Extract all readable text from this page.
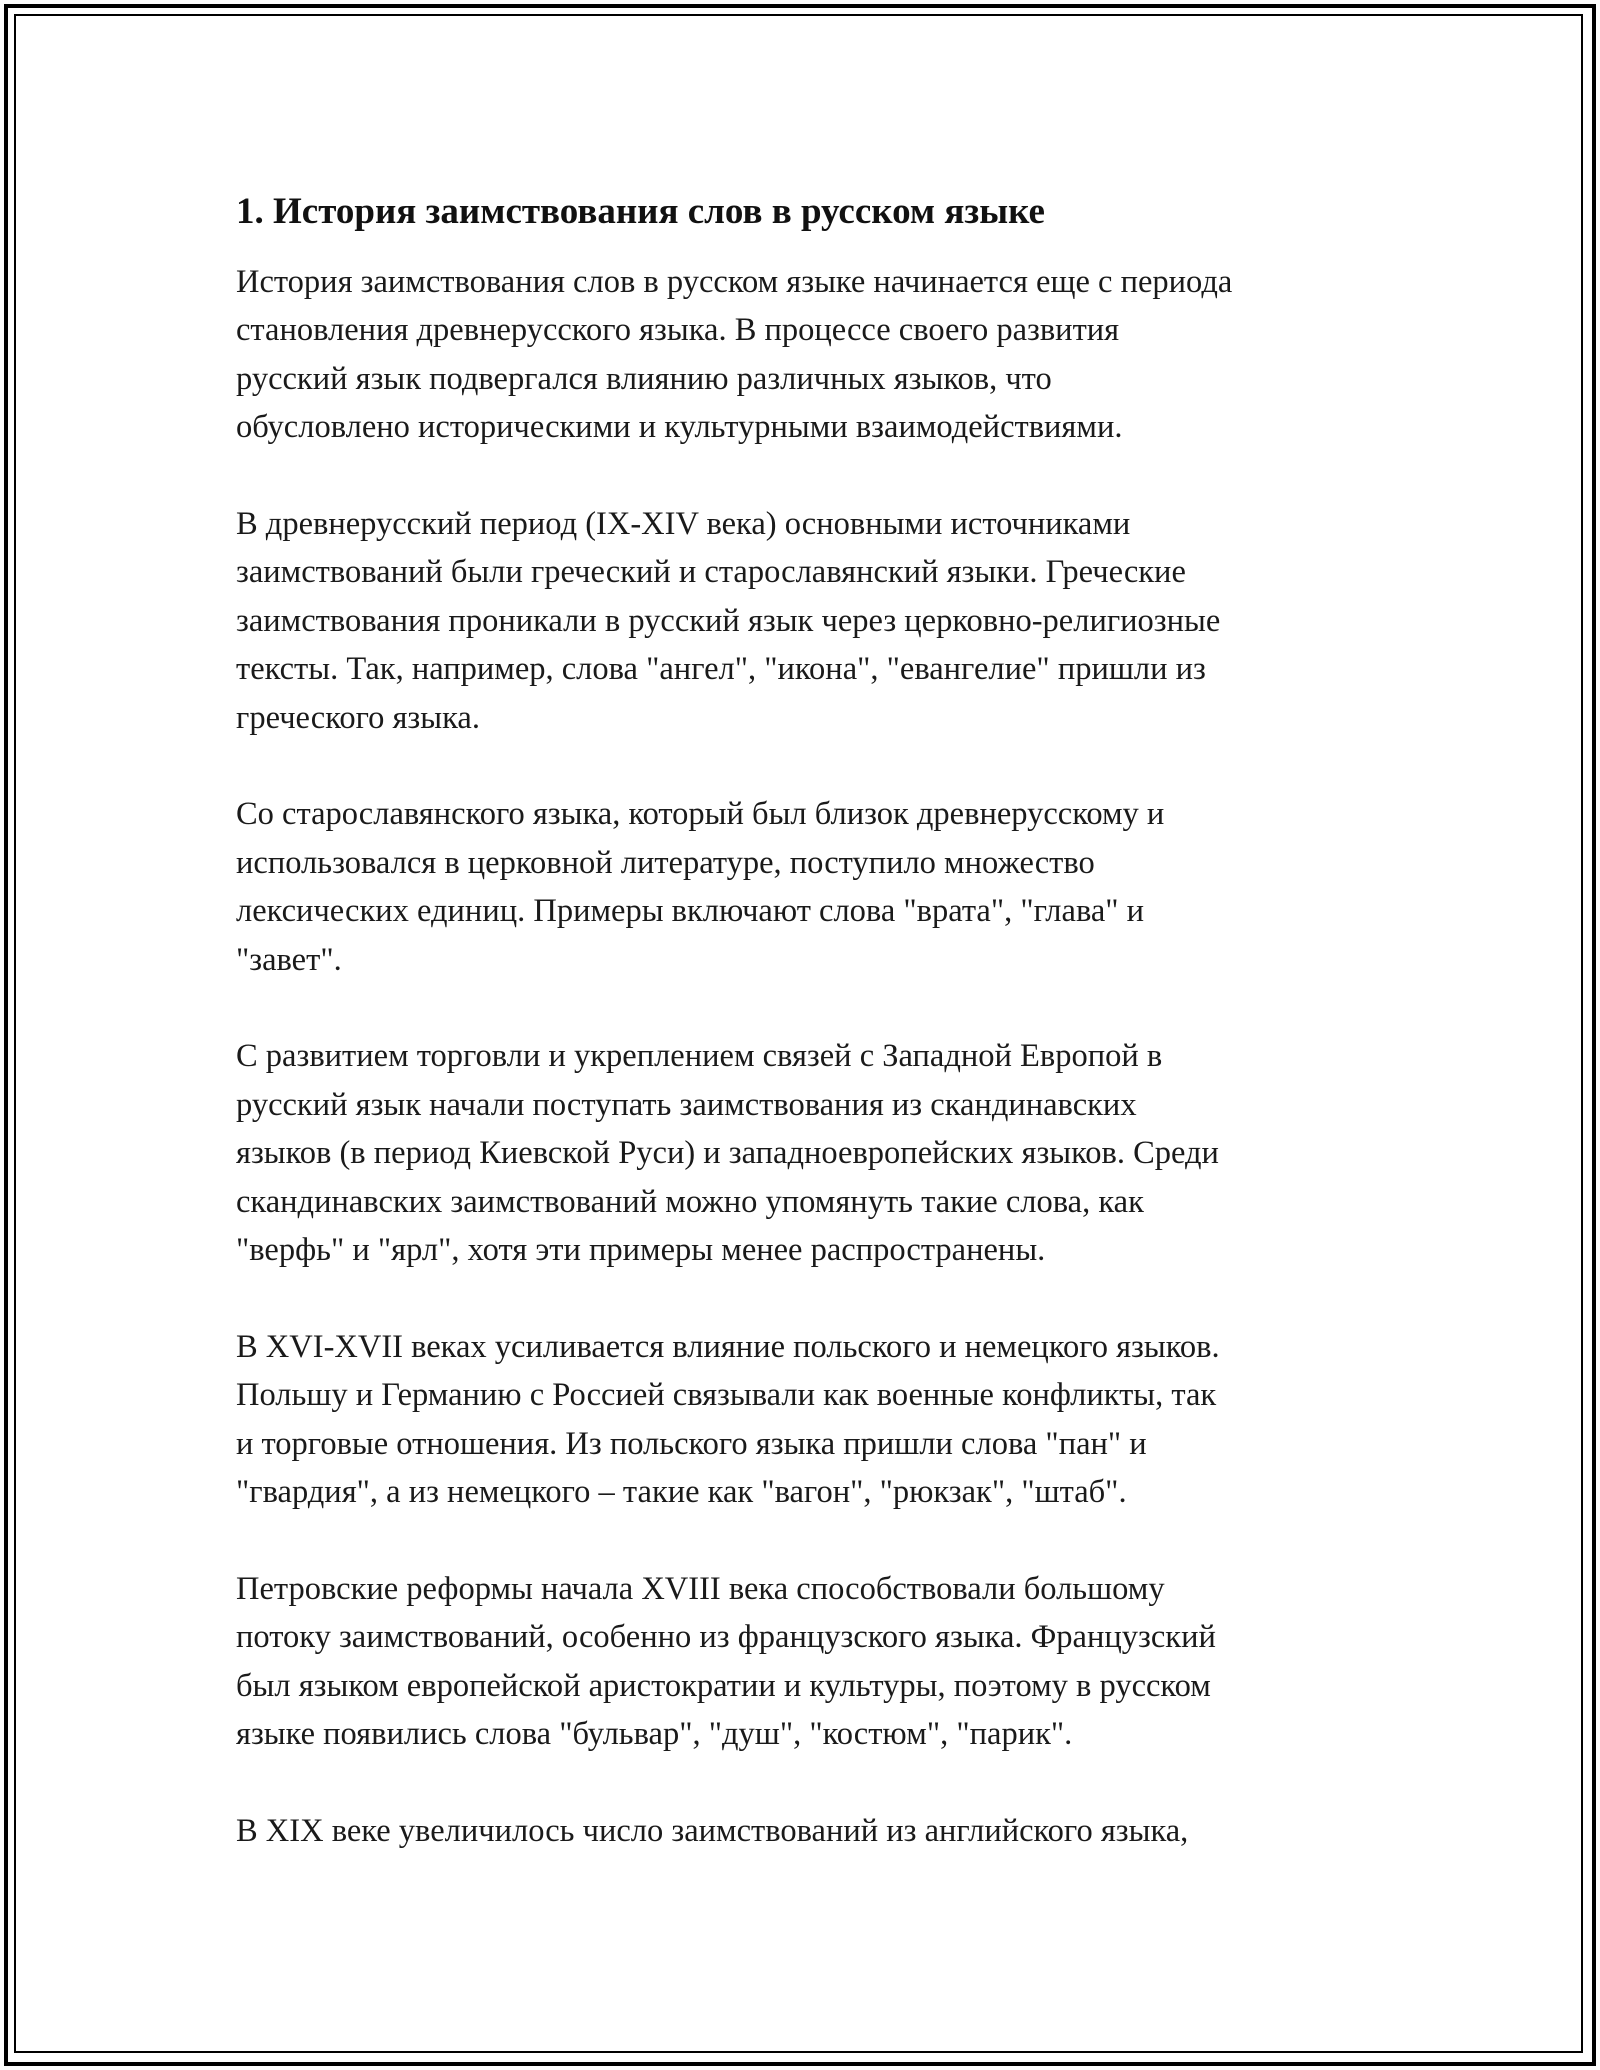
1. История заимствования слов в русском языке

История заимствования слов в русском языке начинается еще с периода
становления древнерусского языка. В процессе своего развития
русский язык подвергался влиянию различных языков, что
обусловлено историческими и культурными взаимодействиями.

В древнерусский период (IX-XIV века) основными источниками
заимствований были греческий и старославянский языки. Греческие
заимствования проникали в русский язык через церковно-религиозные
тексты. Так, например, слова "ангел", "икона", "евангелие" пришли из
греческого языка.

Со старославянского языка, который был близок древнерусскому и
использовался в церковной литературе, поступило множество
лексических единиц. Примеры включают слова "врата", "глава" и
"завет".

С развитием торговли и укреплением связей с Западной Европой в
русский язык начали поступать заимствования из скандинавских
языков (в период Киевской Руси) и западноевропейских языков. Среди
скандинавских заимствований можно упомянуть такие слова, как
"верфь" и "ярл", хотя эти примеры менее распространены.

В XVI-XVII веках усиливается влияние польского и немецкого языков.
Польшу и Германию с Россией связывали как военные конфликты, так
и торговые отношения. Из польского языка пришли слова "пан" и
"гвардия", а из немецкого – такие как "вагон", "рюкзак", "штаб".

Петровские реформы начала XVIII века способствовали большому
потоку заимствований, особенно из французского языка. Французский
был языком европейской аристократии и культуры, поэтому в русском
языке появились слова "бульвар", "душ", "костюм", "парик".

В XIX веке увеличилось число заимствований из английского языка,
